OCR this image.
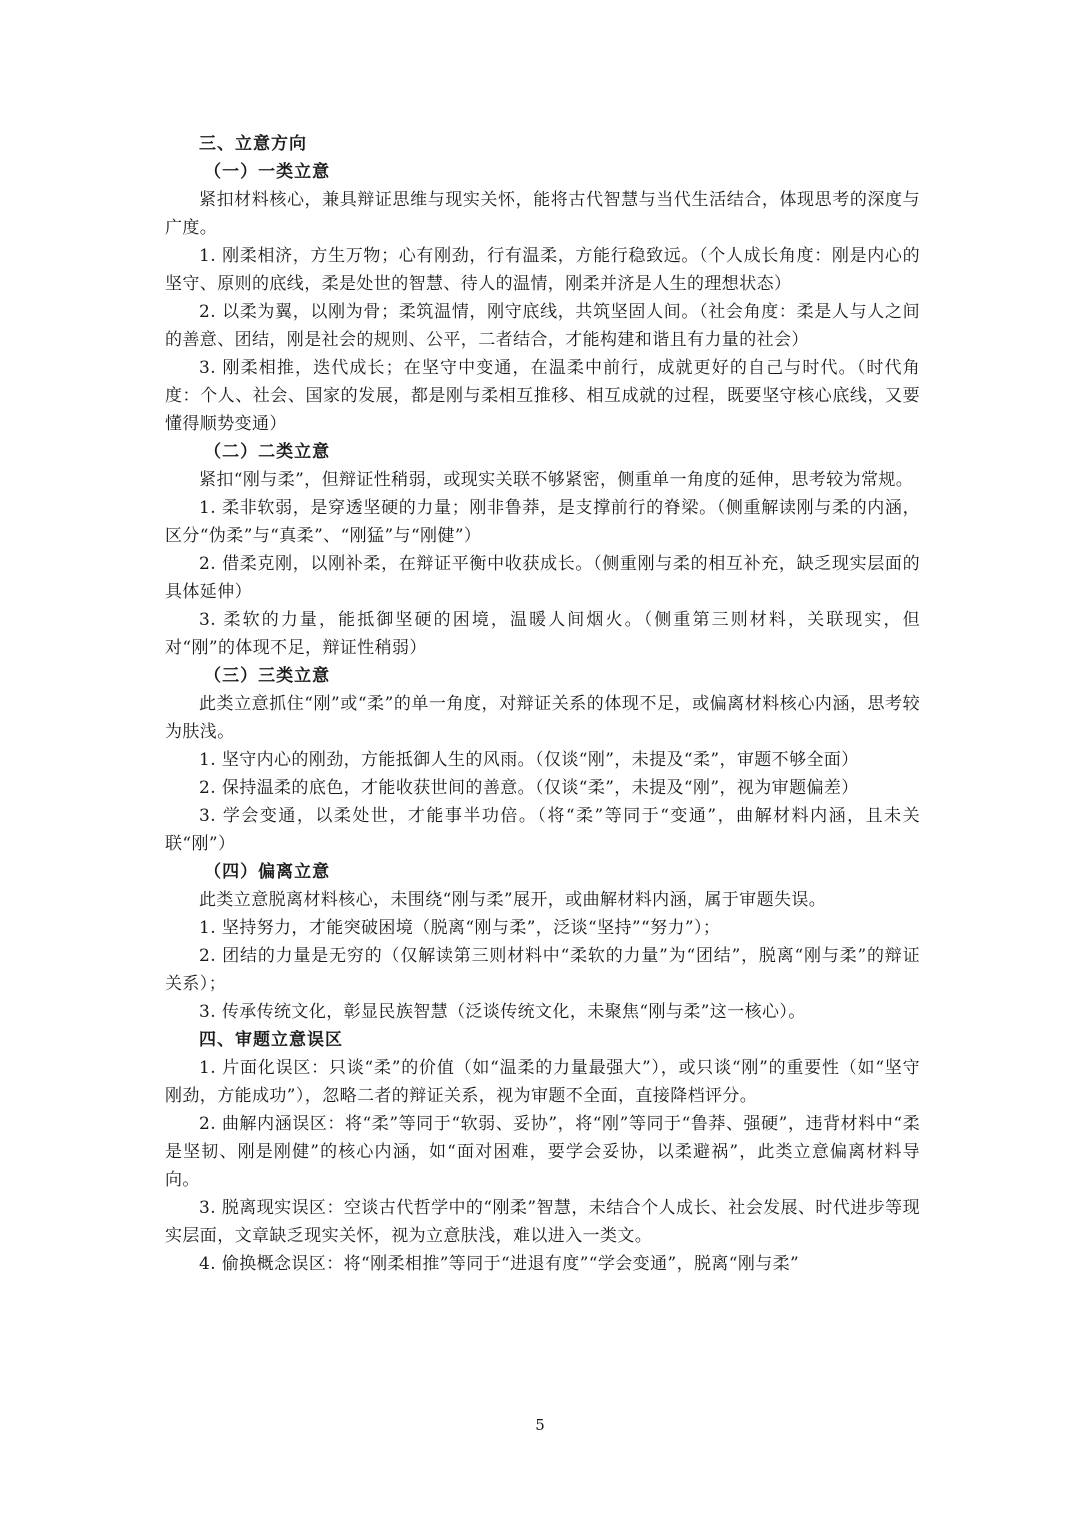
三、立意方向

（一）一类立意

紧扣材料核心，兼具辩证思维与现实关怀，能将古代智慧与当代生活结合，体现思考的深度与广度。

1. 刚柔相济，方生万物；心有刚劲，行有温柔，方能行稳致远。（个人成长角度：刚是内心的坚守、原则的底线，柔是处世的智慧、待人的温情，刚柔并济是人生的理想状态）

2. 以柔为翼，以刚为骨；柔筑温情，刚守底线，共筑坚固人间。（社会角度：柔是人与人之间的善意、团结，刚是社会的规则、公平，二者结合，才能构建和谐且有力量的社会）

3. 刚柔相推，迭代成长；在坚守中变通，在温柔中前行，成就更好的自己与时代。（时代角度：个人、社会、国家的发展，都是刚与柔相互推移、相互成就的过程，既要坚守核心底线，又要懂得顺势变通）

（二）二类立意

紧扣“刚与柔”，但辩证性稍弱，或现实关联不够紧密，侧重单一角度的延伸，思考较为常规。

1. 柔非软弱，是穿透坚硬的力量；刚非鲁莽，是支撑前行的脊梁。（侧重解读刚与柔的内涵，区分“伪柔”与“真柔”、“刚猛”与“刚健”）

2. 借柔克刚，以刚补柔，在辩证平衡中收获成长。（侧重刚与柔的相互补充，缺乏现实层面的具体延伸）

3. 柔软的力量，能抵御坚硬的困境，温暖人间烟火。（侧重第三则材料，关联现实，但对“刚”的体现不足，辩证性稍弱）

（三）三类立意

此类立意抓住“刚”或“柔”的单一角度，对辩证关系的体现不足，或偏离材料核心内涵，思考较为肤浅。

1. 坚守内心的刚劲，方能抵御人生的风雨。（仅谈“刚”，未提及“柔”，审题不够全面）

2. 保持温柔的底色，才能收获世间的善意。（仅谈“柔”，未提及“刚”，视为审题偏差）

3. 学会变通，以柔处世，才能事半功倍。（将“柔”等同于“变通”，曲解材料内涵，且未关联“刚”）

（四）偏离立意

此类立意脱离材料核心，未围绕“刚与柔”展开，或曲解材料内涵，属于审题失误。

1. 坚持努力，才能突破困境（脱离“刚与柔”，泛谈“坚持”“努力”）；

2. 团结的力量是无穷的（仅解读第三则材料中“柔软的力量”为“团结”，脱离“刚与柔”的辩证关系）；

3. 传承传统文化，彰显民族智慧（泛谈传统文化，未聚焦“刚与柔”这一核心）。

四、审题立意误区

1. 片面化误区：只谈“柔”的价值（如“温柔的力量最强大”），或只谈“刚”的重要性（如“坚守刚劲，方能成功”），忽略二者的辩证关系，视为审题不全面，直接降档评分。

2. 曲解内涵误区：将“柔”等同于“软弱、妥协”，将“刚”等同于“鲁莽、强硬”，违背材料中“柔是坚韧、刚是刚健”的核心内涵，如“面对困难，要学会妥协，以柔避祸”，此类立意偏离材料导向。

3. 脱离现实误区：空谈古代哲学中的“刚柔”智慧，未结合个人成长、社会发展、时代进步等现实层面，文章缺乏现实关怀，视为立意肤浅，难以进入一类文。

4. 偷换概念误区：将“刚柔相推”等同于“进退有度”“学会变通”，脱离“刚与柔”

5
